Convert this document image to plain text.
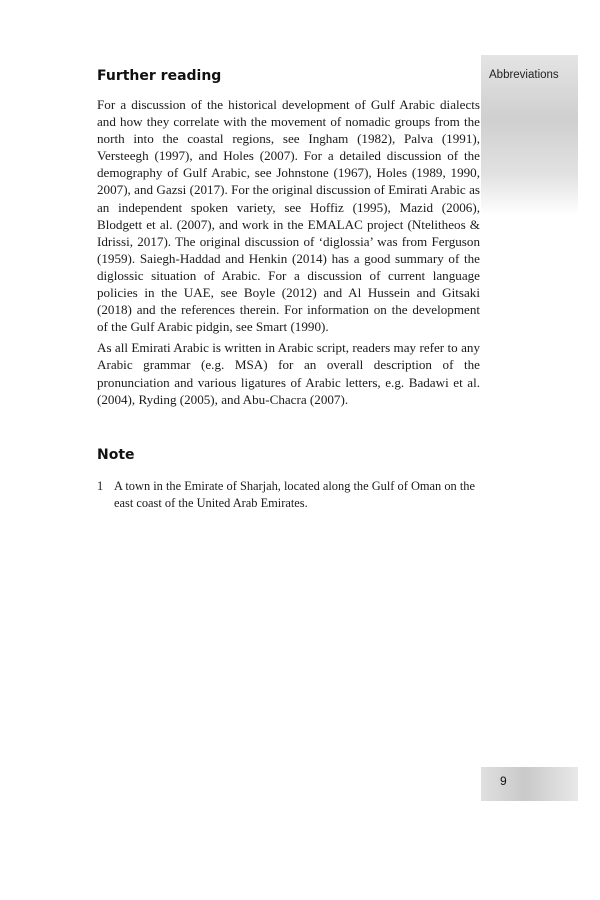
Abbreviations
Further reading

For a discussion of the historical development of Gulf Arabic dialects and how they correlate with the movement of nomadic groups from the north into the coastal regions, see Ingham (1982), Palva (1991), Versteegh (1997), and Holes (2007). For a detailed discussion of the demography of Gulf Arabic, see Johnstone (1967), Holes (1989, 1990, 2007), and Gazsi (2017). For the original discussion of Emirati Arabic as an independent spoken variety, see Hoffiz (1995), Mazid (2006), Blodgett et al. (2007), and work in the EMALAC project (Ntelitheos & Idrissi, 2017). The original discussion of ‘diglossia’ was from Ferguson (1959). Saiegh-Haddad and Henkin (2014) has a good summary of the diglossic situation of Arabic. For a discussion of current language policies in the UAE, see Boyle (2012) and Al Hussein and Gitsaki (2018) and the references therein. For information on the development of the Gulf Arabic pidgin, see Smart (1990).

As all Emirati Arabic is written in Arabic script, readers may refer to any Arabic grammar (e.g. MSA) for an overall description of the pronunciation and various ligatures of Arabic letters, e.g. Badawi et al. (2004), Ryding (2005), and Abu-Chacra (2007).

Note
1 A town in the Emirate of Sharjah, located along the Gulf of Oman on the east coast of the United Arab Emirates.
9
